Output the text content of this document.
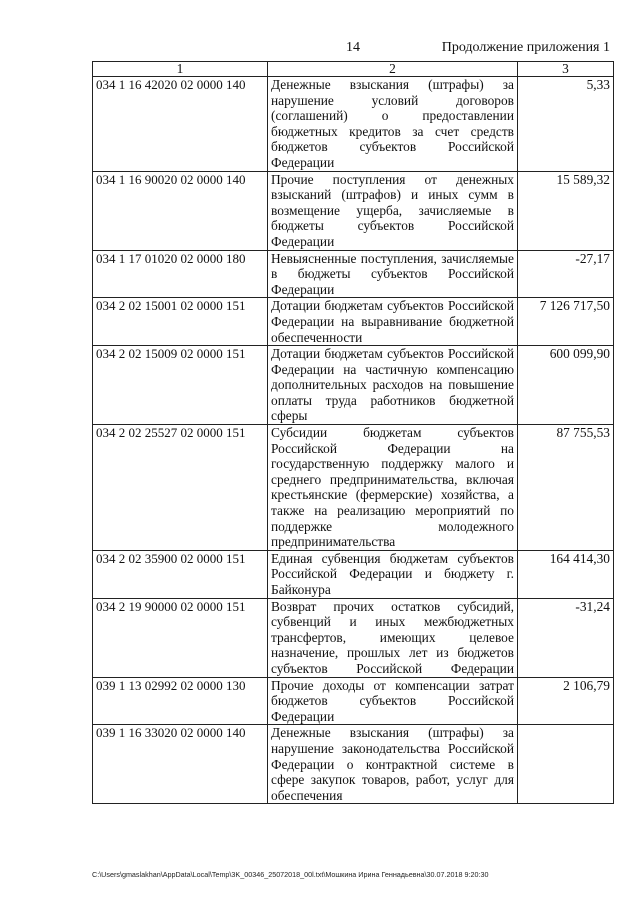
14	Продолжение приложения 1
1	2	3
034 1 16 42020 02 0000 140	Денежные взыскания (штрафы) за нарушение условий договоров (соглашений) о предоставлении бюджетных кредитов за счет средств бюджетов субъектов Российской Федерации	5,33
034 1 16 90020 02 0000 140	Прочие поступления от денежных взысканий (штрафов) и иных сумм в возмещение ущерба, зачисляемые в бюджеты субъектов Российской Федерации	15 589,32
034 1 17 01020 02 0000 180	Невыясненные поступления, зачисляемые в бюджеты субъектов Российской Федерации	-27,17
034 2 02 15001 02 0000 151	Дотации бюджетам субъектов Российской Федерации на выравнивание бюджетной обеспеченности	7 126 717,50
034 2 02 15009 02 0000 151	Дотации бюджетам субъектов Российской Федерации на частичную компенсацию дополнительных расходов на повышение оплаты труда работников бюджетной сферы	600 099,90
034 2 02 25527 02 0000 151	Субсидии бюджетам субъектов Российской Федерации на государственную поддержку малого и среднего предпринимательства, включая крестьянские (фермерские) хозяйства, а также на реализацию мероприятий по поддержке молодежного предпринимательства	87 755,53
034 2 02 35900 02 0000 151	Единая субвенция бюджетам субъектов Российской Федерации и бюджету г. Байконура	164 414,30
034 2 19 90000 02 0000 151	Возврат прочих остатков субсидий, субвенций и иных межбюджетных трансфертов, имеющих целевое назначение, прошлых лет из бюджетов субъектов Российской Федерации	-31,24
039 1 13 02992 02 0000 130	Прочие доходы от компенсации затрат бюджетов субъектов Российской Федерации	2 106,79
039 1 16 33020 02 0000 140	Денежные взыскания (штрафы) за нарушение законодательства Российской Федерации о контрактной системе в сфере закупок товаров, работ, услуг для обеспечения	
C:\Users\gmaslakhan\AppData\Local\Temp\3K_00346_25072018_00l.txt\Мошкина Ирина Геннадьевна\30.07.2018 9:20:30
